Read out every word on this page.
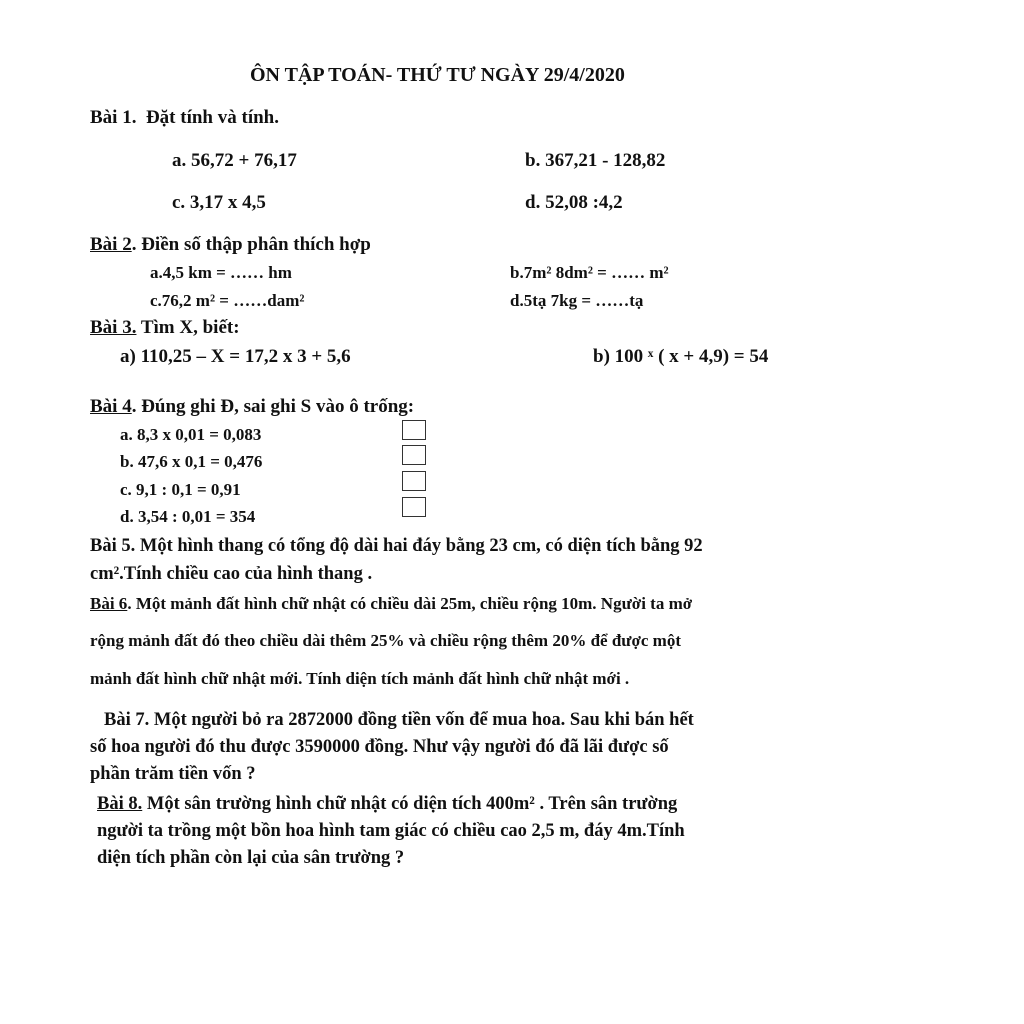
ÔN TẬP TOÁN- THỨ TƯ NGÀY 29/4/2020
Bài 1. Đặt tính và tính.
a. 56,72 + 76,17	b. 367,21 - 128,82
c. 3,17 x 4,5	d. 52,08 :4,2
Bài 2. Điền số thập phân thích hợp
a.4,5 km = …… hm	b.7m² 8dm² = …… m²
c.76,2 m² = ……dam²	d.5tạ 7kg = ……tạ
Bài 3. Tìm X, biết:
a) 110,25 – X = 17,2 x 3 + 5,6	b) 100 ˣ ( x + 4,9) = 54
Bài 4. Đúng ghi Đ, sai ghi S vào ô trống:
a. 8,3 x 0,01 = 0,083
b. 47,6 x 0,1 = 0,476
c. 9,1 : 0,1 = 0,91
d. 3,54 : 0,01 = 354
Bài 5. Một hình thang có tổng độ dài hai đáy bằng 23 cm, có diện tích bằng 92
cm².Tính chiều cao của hình thang .
Bài 6. Một mảnh đất hình chữ nhật có chiều dài 25m, chiều rộng 10m. Người ta mở
rộng mảnh đất đó theo chiều dài thêm 25% và chiều rộng thêm 20% để được một
mảnh đất hình chữ nhật mới. Tính diện tích mảnh đất hình chữ nhật mới .
Bài 7. Một người bỏ ra 2872000 đồng tiền vốn để mua hoa. Sau khi bán hết
số hoa người đó thu được 3590000 đồng. Như vậy người đó đã lãi được số
phần trăm tiền vốn ?
Bài 8. Một sân trường hình chữ nhật có diện tích 400m² . Trên sân trường
người ta trồng một bồn hoa hình tam giác có chiều cao 2,5 m, đáy 4m.Tính
diện tích phần còn lại của sân trường ?
